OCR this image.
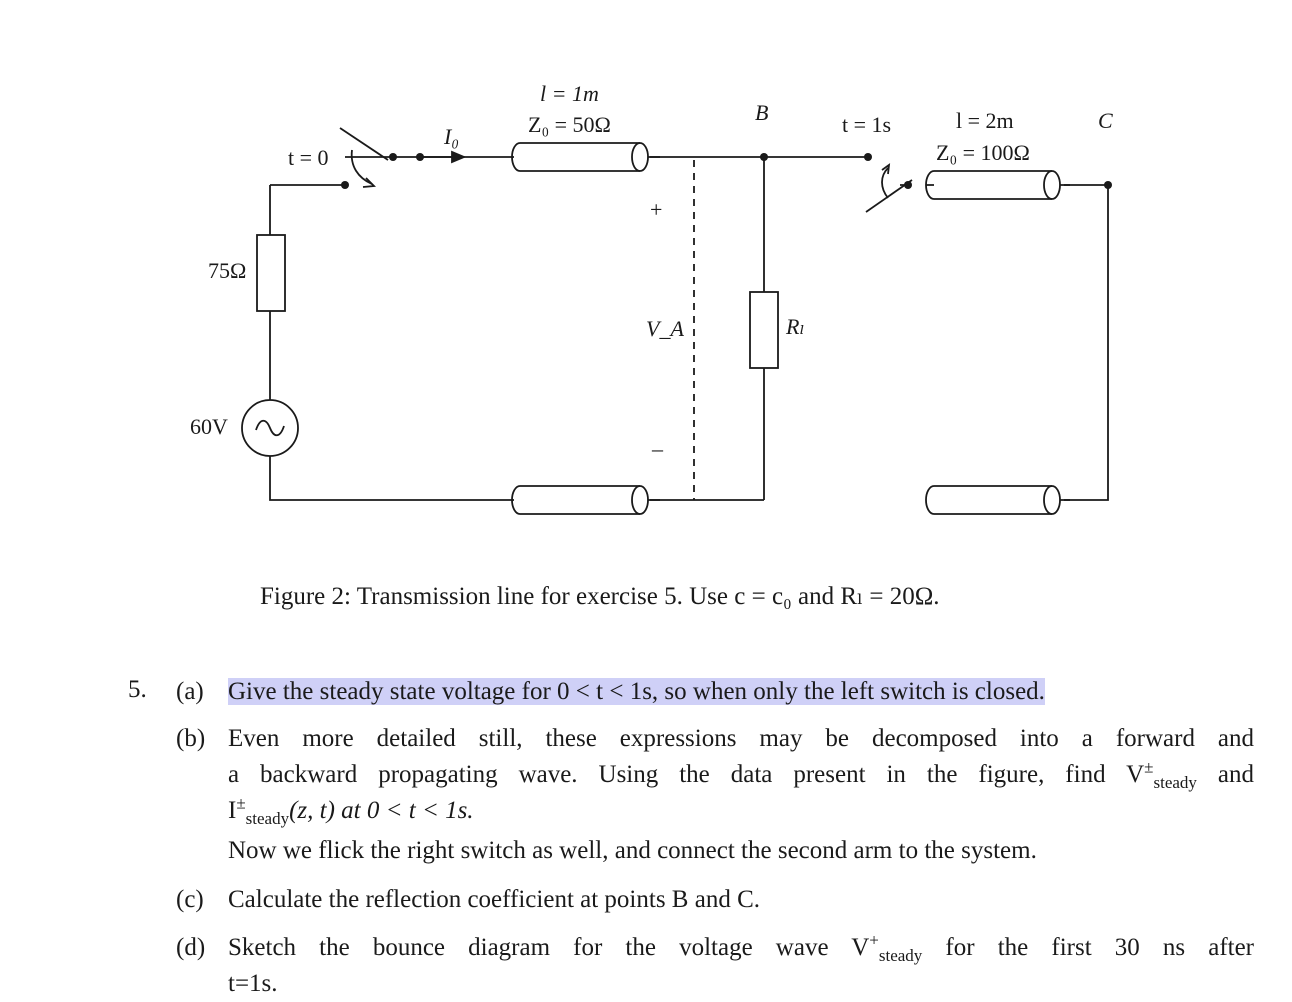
l = 1m
Z₀ = 50Ω	l = 2m
Z₀ = 100Ω
t = 0
t = 1s
I₀
75Ω
60V
Rₗ
V_A
+
–
B	C
Figure 2: Transmission line for exercise 5. Use c = c₀ and Rₗ = 20Ω.
5. (a) Give the steady state voltage for 0 < t < 1s, so when only the left switch is closed.
(b) Even more detailed still, these expressions may be decomposed into a forward and
a backward propagating wave. Using the data present in the figure, find $V^\pm_{steady}$ and
$I^\pm_{steady}(z$, t) at 0 < t < 1s.
Now we flick the right switch as well, and connect the second arm to the system.
(c) Calculate the reflection coefficient at points B and C.
(d) Sketch the bounce diagram for the voltage wave $V^+_{steady}$ for the first 30 ns after
t=1s.
